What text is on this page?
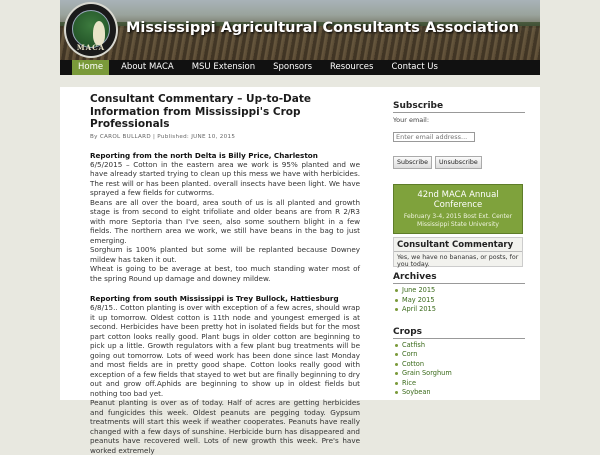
MACA
Mississippi Agricultural Consultants Association
Home	About MACA	MSU Extension	Sponsors	Resources	Contact Us
Consultant Commentary – Up-to-Date Information from Mississippi's Crop Professionals
By CAROL BULLARD | Published: JUNE 10, 2015
Reporting from the north Delta is Billy Price, Charleston
6/5/2015 – Cotton in the eastern area we work is 95% planted and we have already started trying to clean up this mess we have with herbicides. The rest will or has been planted. overall insects have been light. We have sprayed a few fields for cutworms.
Beans are all over the board, area south of us is all planted and growth stage is from second to eight trifoliate and older beans are from R 2/R3 with more Septoria than I've seen, also some southern blight in a few fields. The northern area we work, we still have beans in the bag to just emerging.
Sorghum is 100% planted but some will be replanted because Downey mildew has taken it out.
Wheat is going to be average at best, too much standing water most of the spring Round up damage and downey mildew.
Reporting from south Mississippi is Trey Bullock, Hattiesburg
6/8/15.. Cotton planting is over with exception of a few acres, should wrap it up tomorrow. Oldest cotton is 11th node and youngest emerged is at second. Herbicides have been pretty hot in isolated fields but for the most part cotton looks really good. Plant bugs in older cotton are beginning to pick up a little. Growth regulators with a few plant bug treatments will be going out tomorrow. Lots of weed work has been done since last Monday and most fields are in pretty good shape. Cotton looks really good with exception of a few fields that stayed to wet but are finally beginning to dry out and grow off.Aphids are beginning to show up in oldest fields but nothing too bad yet.
Peanut planting is over as of today. Half of acres are getting herbicides and fungicides this week. Oldest peanuts are pegging today. Gypsum treatments will start this week if weather cooperates. Peanuts have really changed with a few days of sunshine. Herbicide burn has disappeared and peanuts have recovered well. Lots of new growth this week. Pre's have worked extremely
Subscribe
Your email:
Enter email address...
Subscribe	Unsubscribe
42nd MACA Annual Conference
February 3-4, 2015 Bost Ext. Center Mississippi State University
Consultant Commentary
Yes, we have no bananas, or posts, for you today.
Archives
June 2015
May 2015
April 2015
Crops
Catfish
Corn
Cotton
Grain Sorghum
Rice
Soybean
